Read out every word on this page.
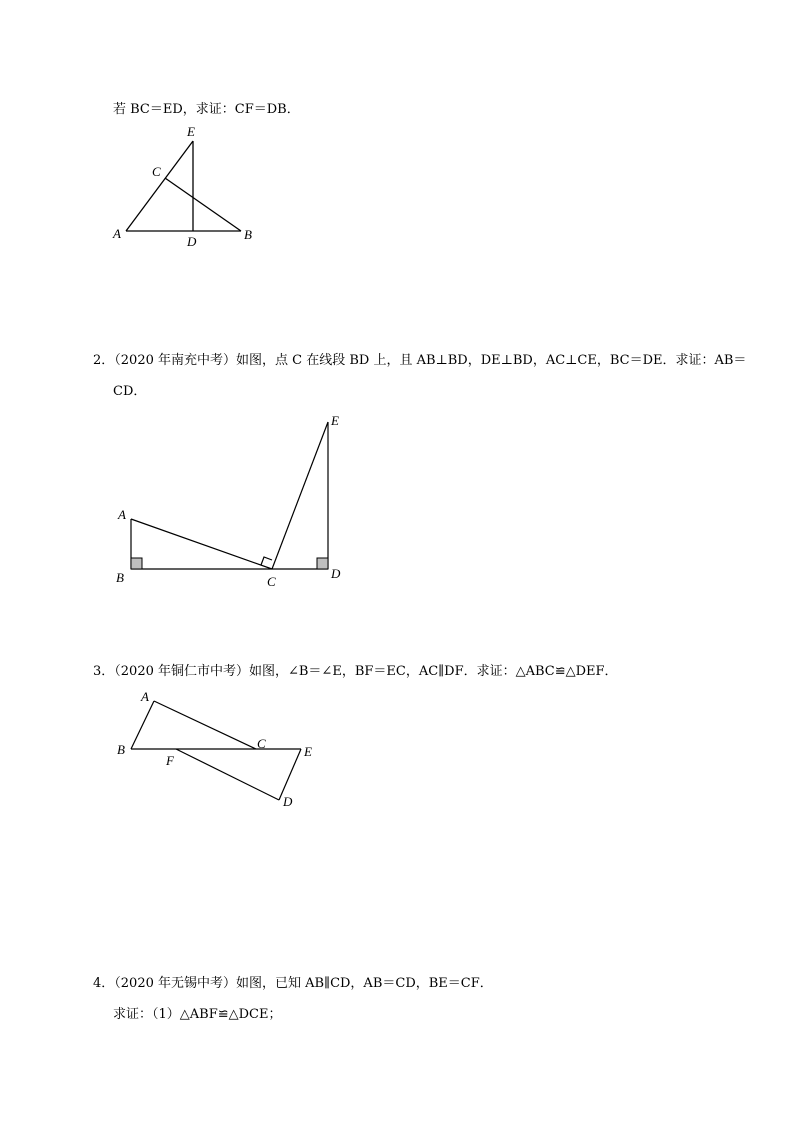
若 BC＝ED，求证：CF＝DB．
E
C
A
D	B
A
B	C
D
E
A
B	C
E
F
D
2．（2020 年南充中考）如图，点 C 在线段 BD 上，且 AB⊥BD，DE⊥BD，AC⊥CE，BC＝DE．求证：AB＝
CD．
3．（2020 年铜仁市中考）如图，∠B＝∠E，BF＝EC，AC∥DF．求证：△ABC≌△DEF．
4．（2020 年无锡中考）如图，已知 AB∥CD，AB＝CD，BE＝CF．
求证：（1）△ABF≌△DCE；
